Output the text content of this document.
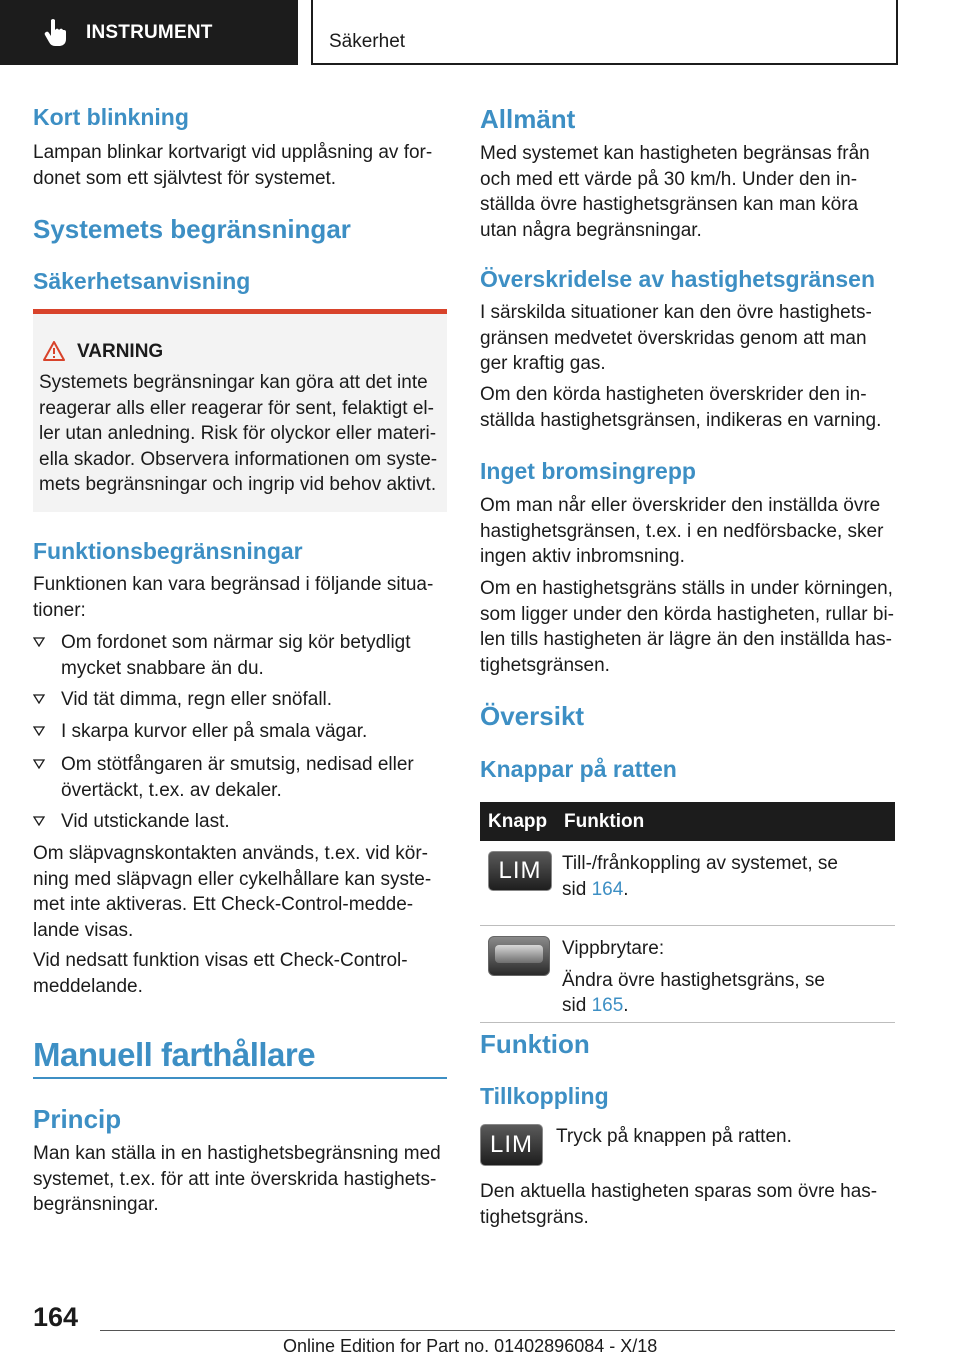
INSTRUMENT	Säkerhet
Kort blinkning

Lampan blinkar kortvarigt vid upplåsning av for-
donet som ett självtest för systemet.

Systemets begränsningar
Säkerhetsanvisning
VARNING
Systemets begränsningar kan göra att det inte
reagerar alls eller reagerar för sent, felaktigt el-
ler utan anledning. Risk för olyckor eller materi-
ella skador. Observera informationen om syste-
mets begränsningar och ingrip vid behov aktivt.
Funktionsbegränsningar

Funktionen kan vara begränsad i följande situa-
tioner:

Om fordonet som närmar sig kör betydligt
mycket snabbare än du.
Vid tät dimma, regn eller snöfall.
I skarpa kurvor eller på smala vägar.
Om stötfångaren är smutsig, nedisad eller
övertäckt, t.ex. av dekaler.
Vid utstickande last.

Om släpvagnskontakten används, t.ex. vid kör-
ning med släpvagn eller cykelhållare kan syste-
met inte aktiveras. Ett Check-Control-medde-
lande visas.

Vid nedsatt funktion visas ett Check-Control-
meddelande.

Manuell farthållare
Princip

Man kan ställa in en hastighetsbegränsning med
systemet, t.ex. för att inte överskrida hastighets-
begränsningar.

Allmänt

Med systemet kan hastigheten begränsas från
och med ett värde på 30 km/h. Under den in-
ställda övre hastighetsgränsen kan man köra
utan några begränsningar.

Överskridelse av hastighetsgränsen

I särskilda situationer kan den övre hastighets-
gränsen medvetet överskridas genom att man
ger kraftig gas.

Om den körda hastigheten överskrider den in-
ställda hastighetsgränsen, indikeras en varning.

Inget bromsingrepp

Om man når eller överskrider den inställda övre
hastighetsgränsen, t.ex. i en nedförsbacke, sker
ingen aktiv inbromsning.

Om en hastighetsgräns ställs in under körningen,
som ligger under den körda hastigheten, rullar bi-
len tills hastigheten är lägre än den inställda has-
tighetsgränsen.

Översikt
Knappar på ratten
Knapp	Funktion

LIM	Till-/frånkoppling av systemet, se
sid 164.

	Vippbrytare:
Ändra övre hastighetsgräns, se
sid 165.
Funktion
Tillkoppling
LIM	Tryck på knappen på ratten.

Den aktuella hastigheten sparas som övre has-
tighetsgräns.

164
Online Edition for Part no. 01402896084 - X/18
